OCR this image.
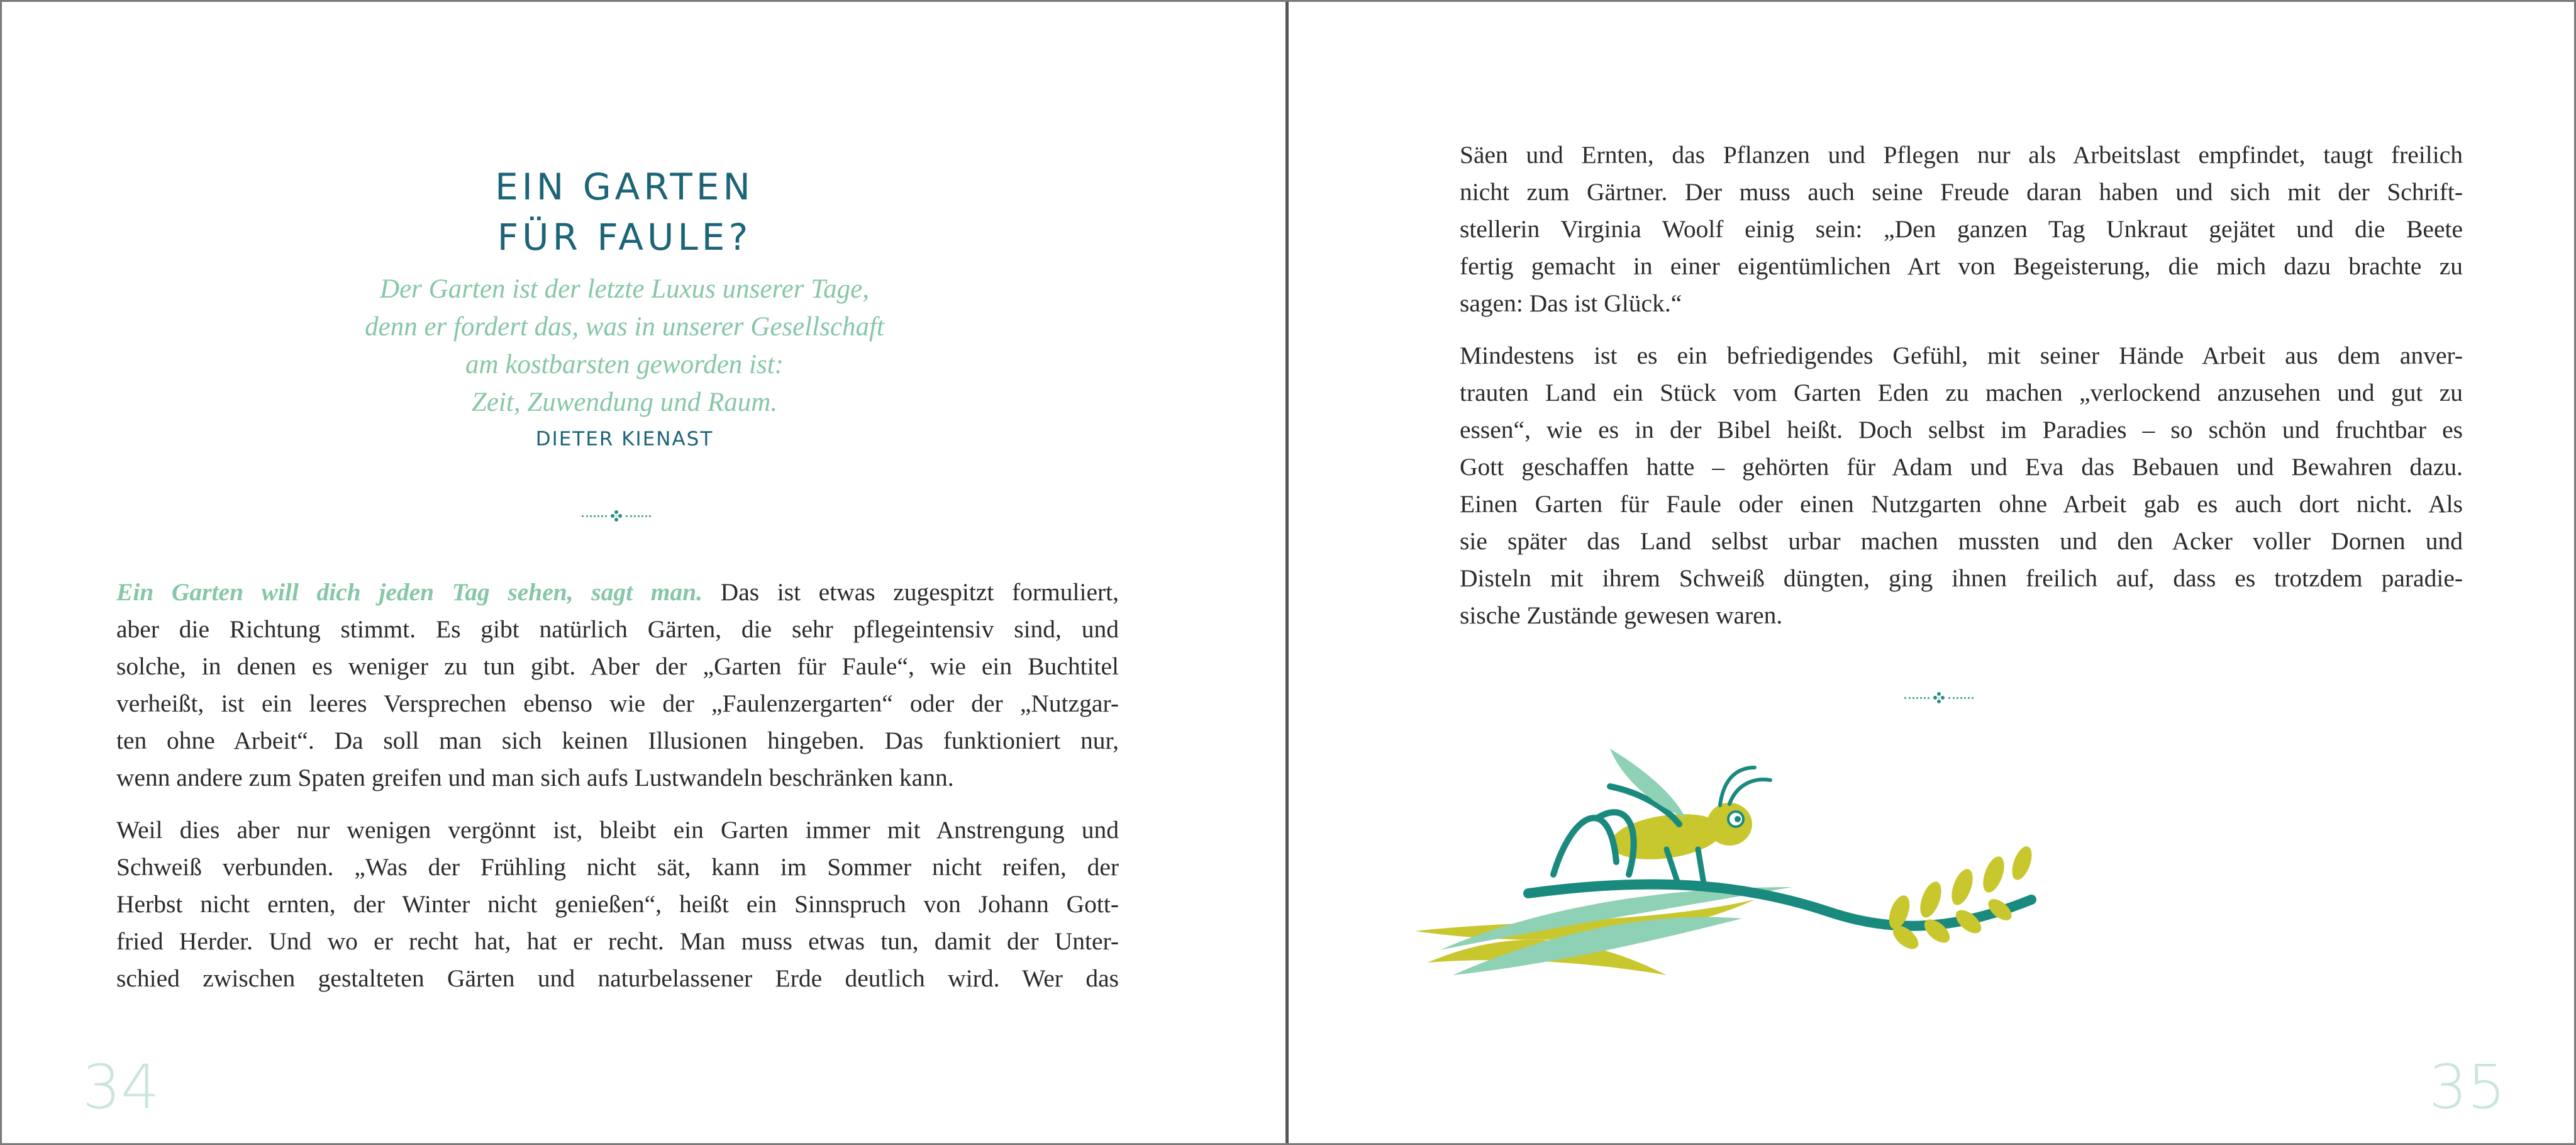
EIN GARTEN
FÜR FAULE?
Der Garten ist der letzte Luxus unserer Tage,
denn er fordert das, was in unserer Gesellschaft
am kostbarsten geworden ist:
Zeit, Zuwendung und Raum.
DIETER KIENAST

Ein Garten will dich jeden Tag sehen, sagt man. Das ist etwas zugespitzt formuliert,
aber die Richtung stimmt. Es gibt natürlich Gärten, die sehr pflegeintensiv sind, und
solche, in denen es weniger zu tun gibt. Aber der „Garten für Faule“, wie ein Buchtitel
verheißt, ist ein leeres Versprechen ebenso wie der „Faulenzergarten“ oder der „Nutzgar-
ten ohne Arbeit“. Da soll man sich keinen Illusionen hingeben. Das funktioniert nur,
wenn andere zum Spaten greifen und man sich aufs Lustwandeln beschränken kann.

Weil dies aber nur wenigen vergönnt ist, bleibt ein Garten immer mit Anstrengung und
Schweiß verbunden. „Was der Frühling nicht sät, kann im Sommer nicht reifen, der
Herbst nicht ernten, der Winter nicht genießen“, heißt ein Sinnspruch von Johann Gott-
fried Herder. Und wo er recht hat, hat er recht. Man muss etwas tun, damit der Unter-
schied zwischen gestalteten Gärten und naturbelassener Erde deutlich wird. Wer das

34

Säen und Ernten, das Pflanzen und Pflegen nur als Arbeitslast empfindet, taugt freilich
nicht zum Gärtner. Der muss auch seine Freude daran haben und sich mit der Schrift-
stellerin Virginia Woolf einig sein: „Den ganzen Tag Unkraut gejätet und die Beete
fertig gemacht in einer eigentümlichen Art von Begeisterung, die mich dazu brachte zu
sagen: Das ist Glück.“

Mindestens ist es ein befriedigendes Gefühl, mit seiner Hände Arbeit aus dem anver-
trauten Land ein Stück vom Garten Eden zu machen „verlockend anzusehen und gut zu
essen“, wie es in der Bibel heißt. Doch selbst im Paradies – so schön und fruchtbar es
Gott geschaffen hatte – gehörten für Adam und Eva das Bebauen und Bewahren dazu.
Einen Garten für Faule oder einen Nutzgarten ohne Arbeit gab es auch dort nicht. Als
sie später das Land selbst urbar machen mussten und den Acker voller Dornen und
Disteln mit ihrem Schweiß düngten, ging ihnen freilich auf, dass es trotzdem paradie-
sische Zustände gewesen waren.

35
